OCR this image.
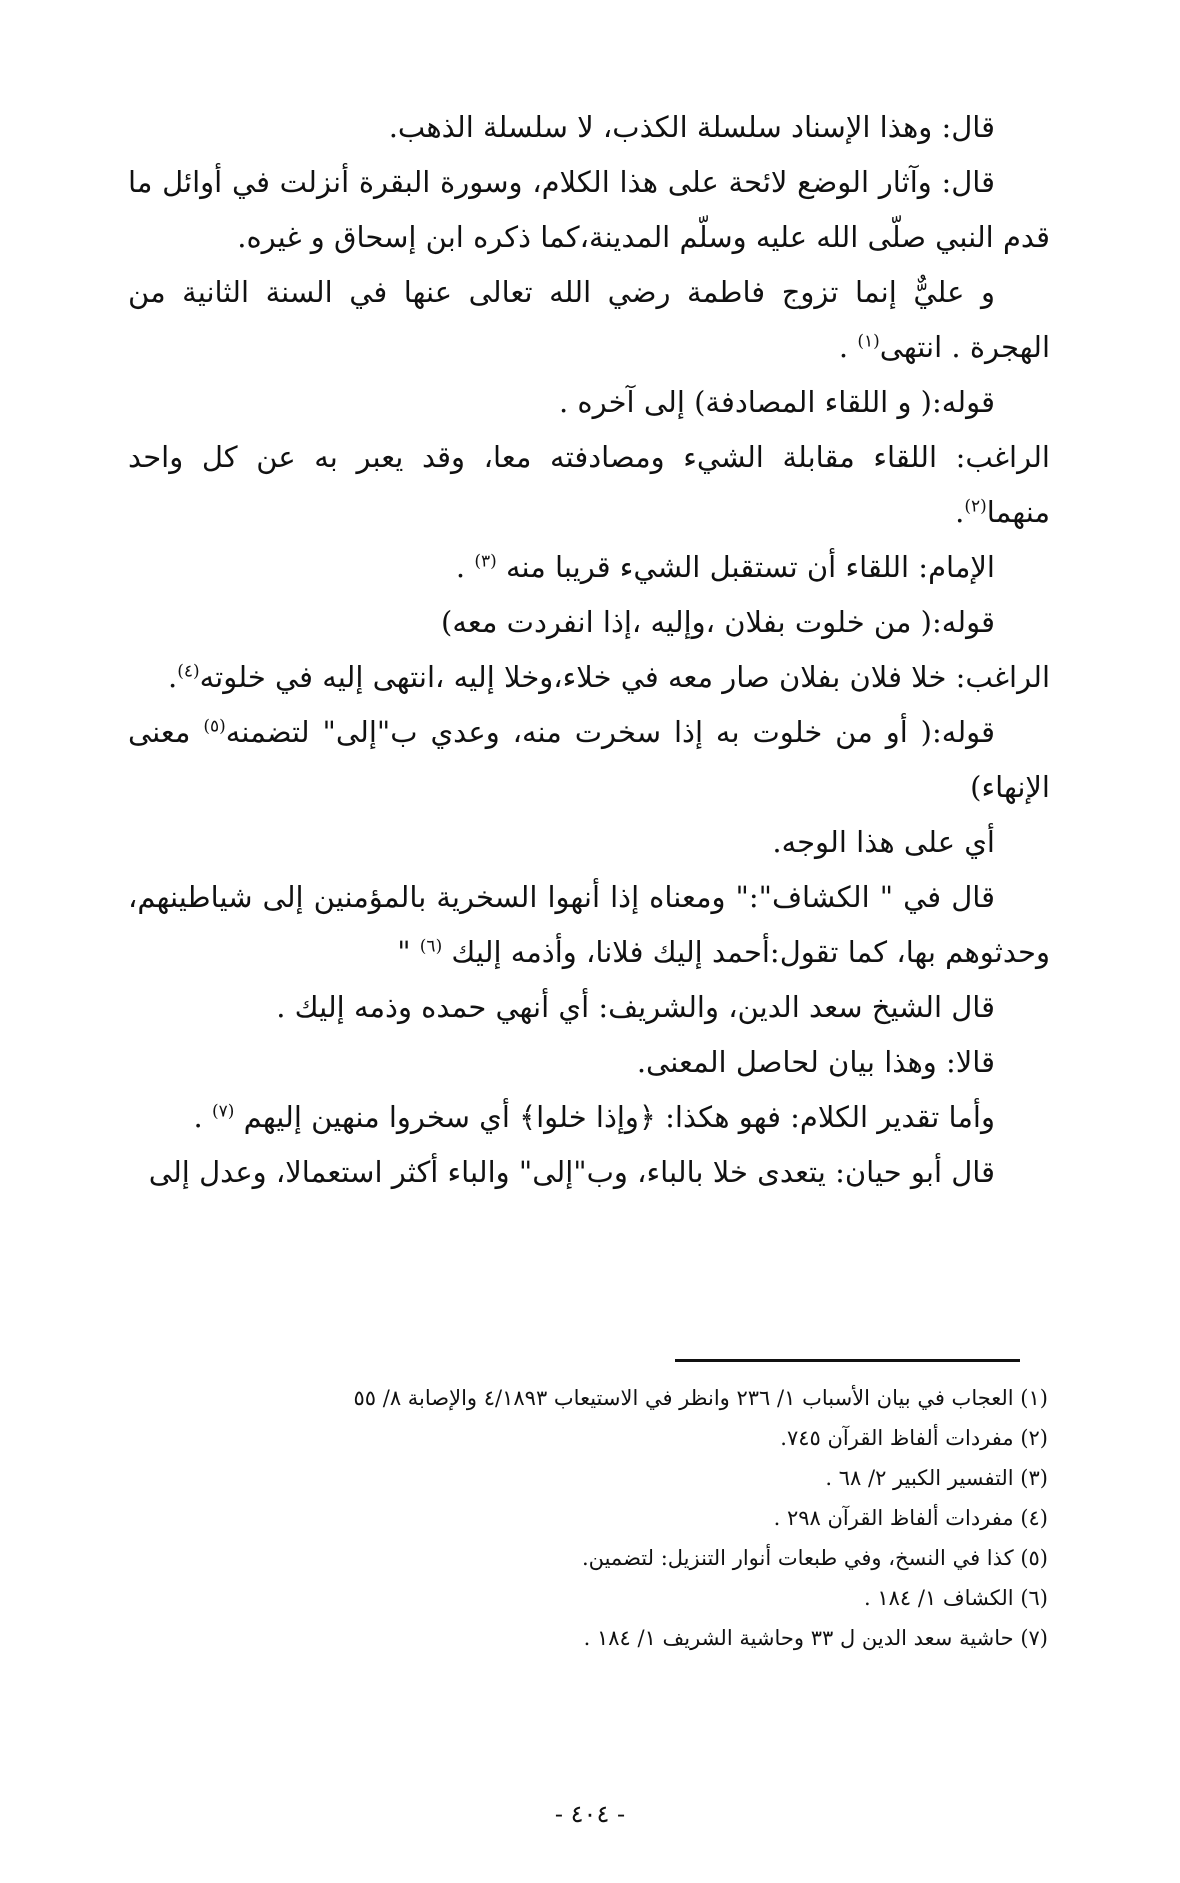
قال: وهذا الإسناد سلسلة الكذب، لا سلسلة الذهب.

قال: وآثار الوضع لائحة على هذا الكلام، وسورة البقرة أنزلت في أوائل ما قدم النبي صلّى الله عليه وسلّم المدينة،كما ذكره ابن إسحاق و غيره.

و عليٌّ إنما تزوج فاطمة رضي الله تعالى عنها في السنة الثانية من الهجرة . انتهى$^{(١)}$ .

قوله:( و اللقاء المصادفة) إلى آخره .

الراغب: اللقاء مقابلة الشيء ومصادفته معا، وقد يعبر به عن كل واحد منهما$^{(٢)}$.

الإمام: اللقاء أن تستقبل الشيء قريبا منه $^{(٣)}$ .

قوله:( من خلوت بفلان ،وإليه ،إذا انفردت معه)

الراغب: خلا فلان بفلان صار معه في خلاء،وخلا إليه ،انتهى إليه في خلوته$^{(٤)}$.

قوله:( أو من خلوت به إذا سخرت منه، وعدي ب"إلى" لتضمنه$^{(٥)}$ معنى الإنهاء)

أي على هذا الوجه.

قال في " الكشاف":" ومعناه إذا أنهوا السخرية بالمؤمنين إلى شياطينهم، وحدثوهم بها، كما تقول:أحمد إليك فلانا، وأذمه إليك $^{(٦)}$ "

قال الشيخ سعد الدين، والشريف: أي أنهي حمده وذمه إليك .

قالا: وهذا بيان لحاصل المعنى.

وأما تقدير الكلام: فهو هكذا: ﴿وإذا خلوا﴾ أي سخروا منهين إليهم $^{(٧)}$ .

قال أبو حيان: يتعدى خلا بالباء، وب"إلى" والباء أكثر استعمالا، وعدل إلى

(١) العجاب في بيان الأسباب ١/ ٢٣٦ وانظر في الاستيعاب ٤/١٨٩٣ والإصابة ٨/ ٥٥

(٢) مفردات ألفاظ القرآن ٧٤٥.

(٣) التفسير الكبير ٢/ ٦٨ .

(٤) مفردات ألفاظ القرآن ٢٩٨ .

(٥) كذا في النسخ، وفي طبعات أنوار التنزيل: لتضمين.

(٦) الكشاف ١/ ١٨٤ .

(٧) حاشية سعد الدين ل ٣٣ وحاشية الشريف ١/ ١٨٤ .

- ٤٠٤ -
